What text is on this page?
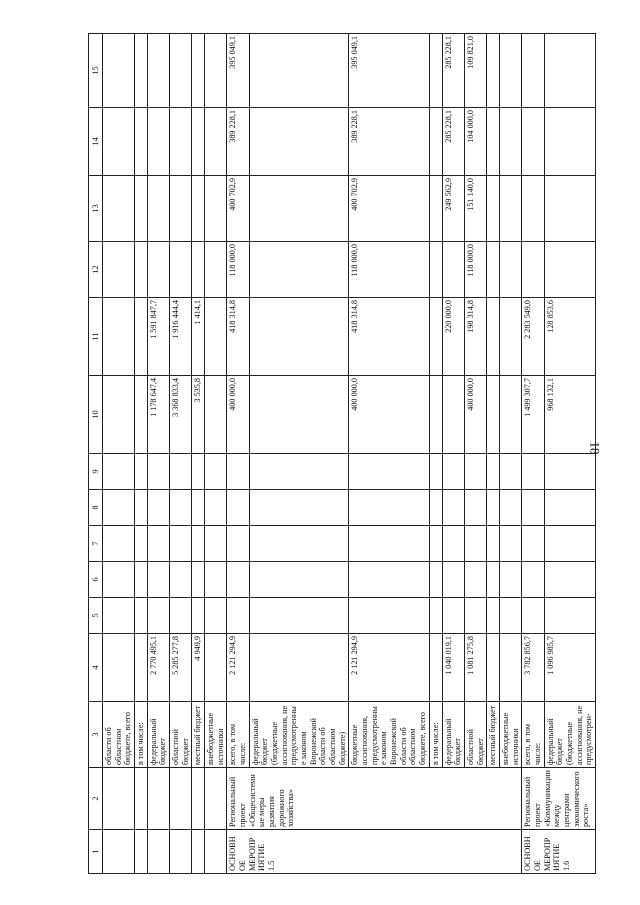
18
1	2	3	4	5	6	7	8	9	10	11	12	13	14	15
		области об областном бюджете, всего												
		в том числе:												
		федеральный бюджет	2 770 495,1						1 178 647,4	1 591 847,7				
		областной бюджет	5 285 277,8						3 368 833,4	1 916 444,4				
		местный бюджет	4 949,9						3 535,8	1 414,1				
		внебюджетные источники												
ОСНОВНОЕ МЕРОПРИЯТИЕ 1.5	Региональный проект «Общесистемные меры развития дорожного хозяйства»	всего, в том числе:	2 121 294,9						400 000,0	418 314,8	118 000,0	400 702,9	389 228,1	395 049,1
		федеральный бюджет (бюджетные ассигнования, не предусмотренные законом Воронежской области об областном бюджете)												
		бюджетные ассигнования, предусмотренные законом Воронежской области об областном бюджете, всего	2 121 294,9						400 000,0	418 314,8	118 000,0	400 702,9	389 228,1	395 049,1
		в том числе:												
		федеральный бюджет	1 040 019,1							220 000,0		249 562,9	285 228,1	285 228,1
		областной бюджет	1 081 275,8						400 000,0	198 314,8	118 000,0	151 140,0	104 000,0	109 821,0
		местный бюджет												
		внебюджетные источники												
ОСНОВНОЕ МЕРОПРИЯТИЕ 1.6	Региональный проект «Коммуникации между центрами экономического роста»	всего, в том числе:	3 782 856,7						1 499 307,7	2 283 549,0				
		федеральный бюджет (бюджетные ассигнования, не предусмотрен-	1 096 985,7						968 132,1	128 853,6				
